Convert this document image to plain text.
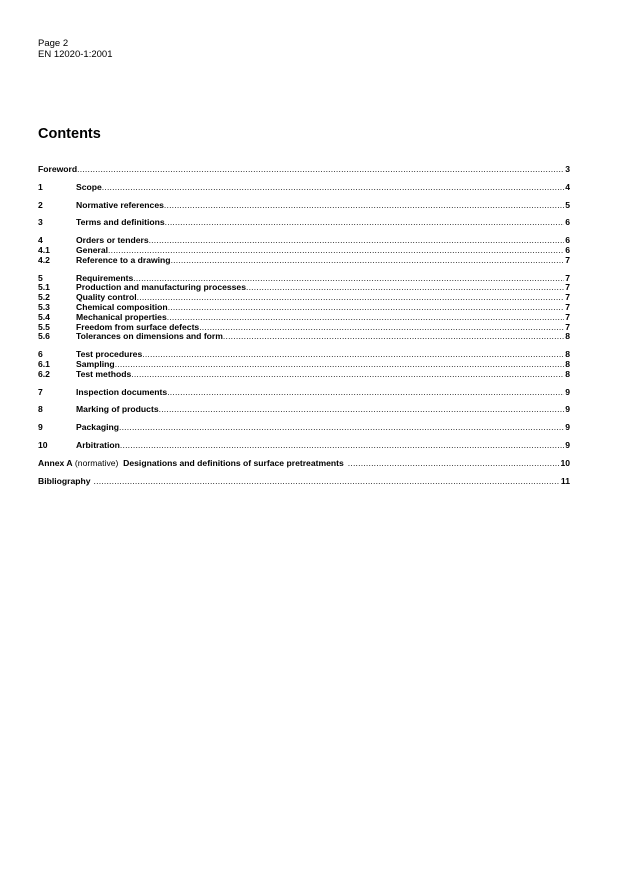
Page 2
EN 12020-1:2001
Contents
Foreword .....	3
1	Scope .....	4
2	Normative references .....	5
3	Terms and definitions .....	6
4	Orders or tenders .....	6
4.1	General .....	6
4.2	Reference to a drawing .....	7
5	Requirements .....	7
5.1	Production and manufacturing processes .....	7
5.2	Quality control .....	7
5.3	Chemical composition .....	7
5.4	Mechanical properties .....	7
5.5	Freedom from surface defects .....	7
5.6	Tolerances on dimensions and form .....	8
6	Test procedures .....	8
6.1	Sampling .....	8
6.2	Test methods .....	8
7	Inspection documents .....	9
8	Marking of products .....	9
9	Packaging .....	9
10	Arbitration .....	9
Annex A (normative)  Designations and definitions of surface pretreatments .....	10
Bibliography .....	11
